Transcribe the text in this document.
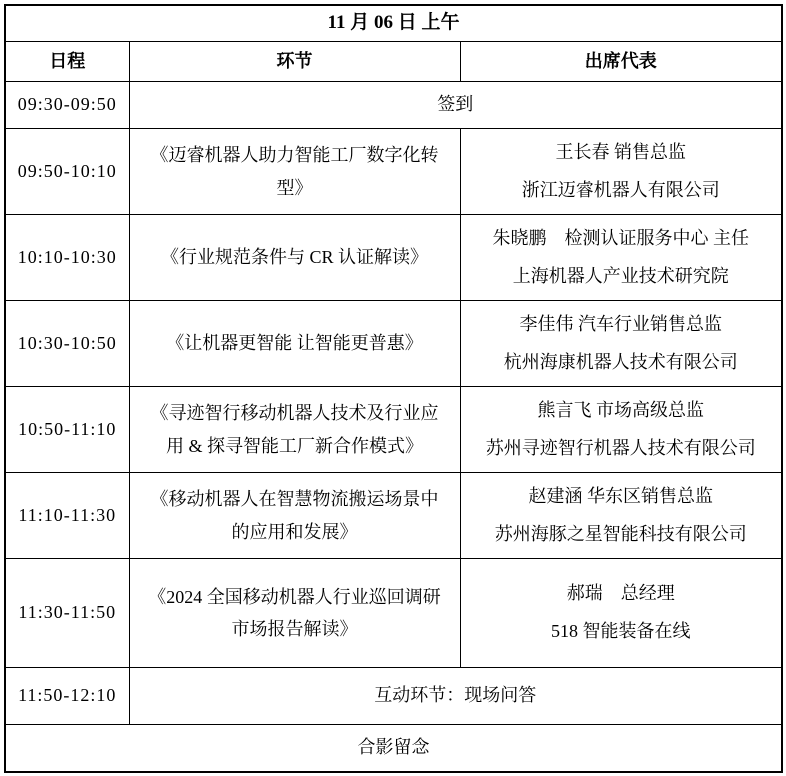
11 月 06 日 上午		
日程	环节	出席代表
09:30-09:50	签到	
09:50-10:10	《迈睿机器人助力智能工厂数字化转型》	王长春 销售总监
浙江迈睿机器人有限公司

10:10-10:30	《行业规范条件与 CR 认证解读》	朱晓鹏　检测认证服务中心 主任
上海机器人产业技术研究院

10:30-10:50	《让机器更智能 让智能更普惠》	李佳伟 汽车行业销售总监
杭州海康机器人技术有限公司

10:50-11:10	《寻迹智行移动机器人技术及行业应用 & 探寻智能工厂新合作模式》	熊言飞 市场高级总监
苏州寻迹智行机器人技术有限公司

11:10-11:30	《移动机器人在智慧物流搬运场景中的应用和发展》	赵建涵 华东区销售总监
苏州海豚之星智能科技有限公司

11:30-11:50	《2024 全国移动机器人行业巡回调研市场报告解读》	郝瑞　总经理
518 智能装备在线

11:50-12:10	互动环节：现场问答	
合影留念		
